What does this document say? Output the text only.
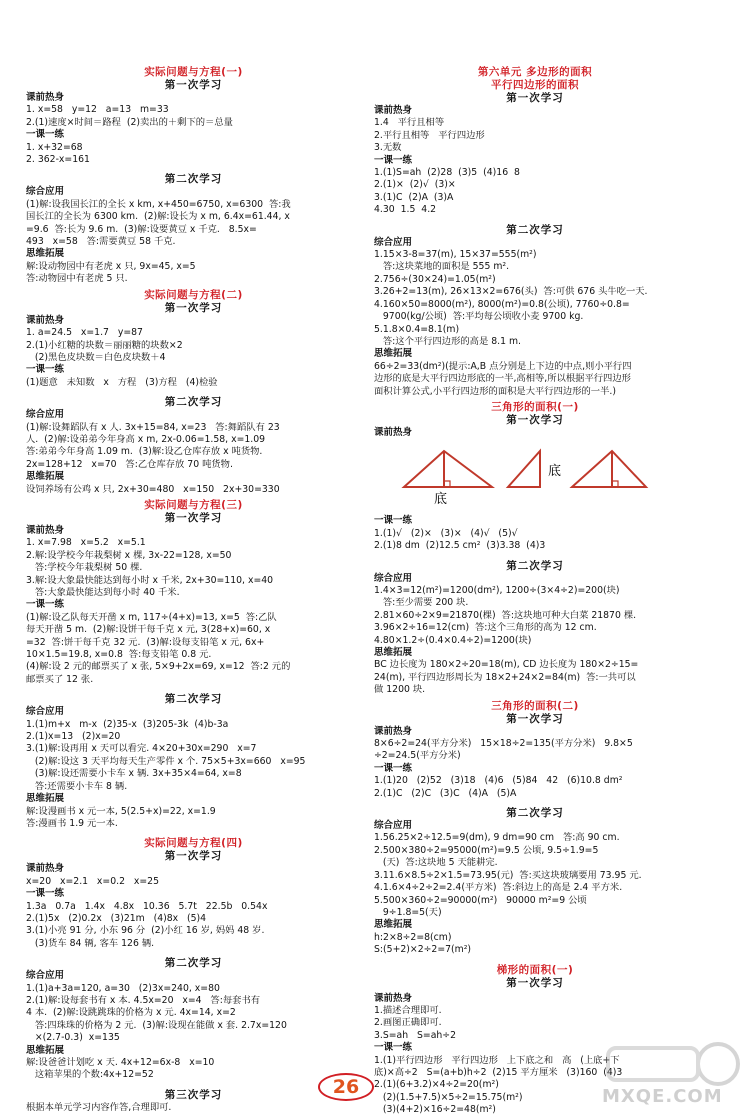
实际问题与方程(一)
第一次学习
课前热身
1. x=58   y=12   a=13   m=33
2.(1)速度×时间＝路程  (2)卖出的＋剩下的＝总量
一课一练
1. x+32=68
2. 362-x=161
第二次学习
综合应用
(1)解:设我国长江的全长 x km, x+450=6750, x=6300  答:我
国长江的全长为 6300 km.  (2)解:设长为 x m, 6.4x=61.44, x
=9.6  答:长为 9.6 m.  (3)解:设要黄豆 x 千克.   8.5x=
493   x=58   答:需要黄豆 58 千克.
思维拓展
解:设动物园中有老虎 x 只, 9x=45, x=5
答:动物园中有老虎 5 只.
实际问题与方程(二)
第一次学习
课前热身
1. a=24.5   x=1.7   y=87
2.(1)小红糖的块数＝丽丽糖的块数×2
(2)黑色皮块数＝白色皮块数＋4
一课一练
(1)题意   未知数   x   方程   (3)方程   (4)检验
第二次学习
综合应用
(1)解:设舞蹈队有 x 人. 3x+15=84, x=23   答:舞蹈队有 23
人.  (2)解:设弟弟今年身高 x m, 2x-0.06=1.58, x=1.09
答:弟弟今年身高 1.09 m.  (3)解:设乙仓库存放 x 吨货物.
2x=128+12   x=70   答:乙仓库存放 70 吨货物.
思维拓展
设饲养场有公鸡 x 只, 2x+30=480   x=150   2x+30=330
实际问题与方程(三)
第一次学习
课前热身
1. x=7.98   x=5.2   x=5.1
2.解:设学校今年栽梨树 x 棵, 3x-22=128, x=50
答:学校今年栽梨树 50 棵.
3.解:设大象最快能达到每小时 x 千米, 2x+30=110, x=40
答:大象最快能达到每小时 40 千米.
一课一练
(1)解:设乙队每天开凿 x m, 117÷(4+x)=13, x=5  答:乙队
每天开凿 5 m.  (2)解:设饼干每千克 x 元, 3(28+x)=60, x
=32  答:饼干每千克 32 元.  (3)解:设每支铅笔 x 元, 6x+
10×1.5=19.8, x=0.8  答:每支铅笔 0.8 元.
(4)解:设 2 元的邮票买了 x 张, 5×9+2x=69, x=12  答:2 元的
邮票买了 12 张.
第二次学习
综合应用
1.(1)m+x   m-x  (2)35-x  (3)205-3k  (4)b-3a
2.(1)x=13   (2)x=20
3.(1)解:设再用 x 天可以看完. 4×20+30x=290   x=7
(2)解:设这 3 天平均每天生产零件 x 个. 75×5+3x=660   x=95
(3)解:设还需要小卡车 x 辆. 3x+35×4=64, x=8
答:还需要小卡车 8 辆.
思维拓展
解:设漫画书 x 元一本, 5(2.5+x)=22, x=1.9
答:漫画书 1.9 元一本.
实际问题与方程(四)
第一次学习
课前热身
x=20   x=2.1   x=0.2   x=25
一课一练
1.3a   0.7a   1.4x   4.8x   10.36   5.7t   22.5b   0.54x
2.(1)5x   (2)0.2x   (3)21m   (4)8x   (5)4
3.(1)小亮 91 分, 小东 96 分  (2)小红 16 岁, 妈妈 48 岁.
(3)货车 84 辆, 客车 126 辆.
第二次学习
综合应用
1.(1)a+3a=120, a=30   (2)3x=240, x=80
2.(1)解:设每套书有 x 本. 4.5x=20   x=4   答:每套书有
4 本.  (2)解:设跳跳珠的价格为 x 元. 4x=14, x=2
答:四珠珠的价格为 2 元.  (3)解:设现在能做 x 套. 2.7x=120
×(2.7-0.3)  x=135
思维拓展
解:设爸爸计划吃 x 天. 4x+12=6x-8   x=10
这箱苹果的个数:4x+12=52
第三次学习
根据本单元学习内容作答,合理即可.
第六单元 多边形的面积
平行四边形的面积
第一次学习
课前热身
1.4   平行且相等
2.平行且相等   平行四边形
3.无数
一课一练
1.(1)S=ah  (2)28  (3)5  (4)16  8
2.(1)×  (2)√  (3)×
3.(1)C  (2)A  (3)A
4.30  1.5  4.2
第二次学习
综合应用
1.15×3-8=37(m), 15×37=555(m²)
答:这块菜地的面积是 555 m².
2.756÷(30×24)=1.05(m²)
3.26+2=13(m), 26×13×2=676(头)  答:可供 676 头牛吃一天.
4.160×50=8000(m²), 8000(m²)=0.8(公顷), 7760÷0.8=
9700(kg/公顷)  答:平均每公顷收小麦 9700 kg.
5.1.8×0.4=8.1(m)
答:这个平行四边形的高是 8.1 m.
思维拓展
66÷2=33(dm²)(提示:A,B 点分别是上下边的中点,则小平行四
边形的底是大平行四边形底的一半,高相等,所以根据平行四边形
面积计算公式,小平行四边形的面积是大平行四边形的一半.)
三角形的面积(一)
第一次学习
课前热身
底
底
一课一练
1.(1)√   (2)×   (3)×   (4)√   (5)√
2.(1)8 dm  (2)12.5 cm²  (3)3.38  (4)3
第二次学习
综合应用
1.4×3=12(m²)=1200(dm²), 1200÷(3×4÷2)=200(块)
答:至少需要 200 块.
2.81×60÷2×9=21870(棵)  答:这块地可种大白菜 21870 棵.
3.96×2÷16=12(cm)  答:这个三角形的高为 12 cm.
4.80×1.2÷(0.4×0.4÷2)=1200(块)
思维拓展
BC 边长度为 180×2÷20=18(m), CD 边长度为 180×2÷15=
24(m), 平行四边形周长为 18×2+24×2=84(m)  答:一共可以
做 1200 块.
三角形的面积(二)
第一次学习
课前热身
8×6÷2=24(平方分米)   15×18÷2=135(平方分米)   9.8×5
÷2=24.5(平方分米)
一课一练
1.(1)20   (2)52   (3)18   (4)6   (5)84   42   (6)10.8 dm²
2.(1)C   (2)C   (3)C   (4)A   (5)A
第二次学习
综合应用
1.56.25×2÷12.5=9(dm), 9 dm=90 cm   答:高 90 cm.
2.500×380÷2=95000(m²)=9.5 公顷, 9.5÷1.9=5
(天)  答:这块地 5 天能耕完.
3.11.6×8.5÷2×1.5=73.95(元)  答:买这块玻璃要用 73.95 元.
4.1.6×4÷2÷2=2.4(平方米)  答:斜边上的高是 2.4 平方米.
5.500×360÷2=90000(m²)   90000 m²=9 公顷
9÷1.8=5(天)
思维拓展
h:2×8÷2=8(cm)
S:(5+2)×2÷2=7(m²)
梯形的面积(一)
第一次学习
课前热身
1.描述合理即可.
2.画图正确即可.
3.S=ah   S=ah÷2
一课一练
1.(1)平行四边形   平行四边形   上下底之和   高   (上底+下
底)×高÷2   S=(a+b)h÷2  (2)15 平方厘米   (3)160  (4)3
2.(1)(6+3.2)×4÷2=20(m²)
(2)(1.5+7.5)×5÷2=15.75(m²)
(3)(4+2)×16÷2=48(m²)
26	MXQE.COM
